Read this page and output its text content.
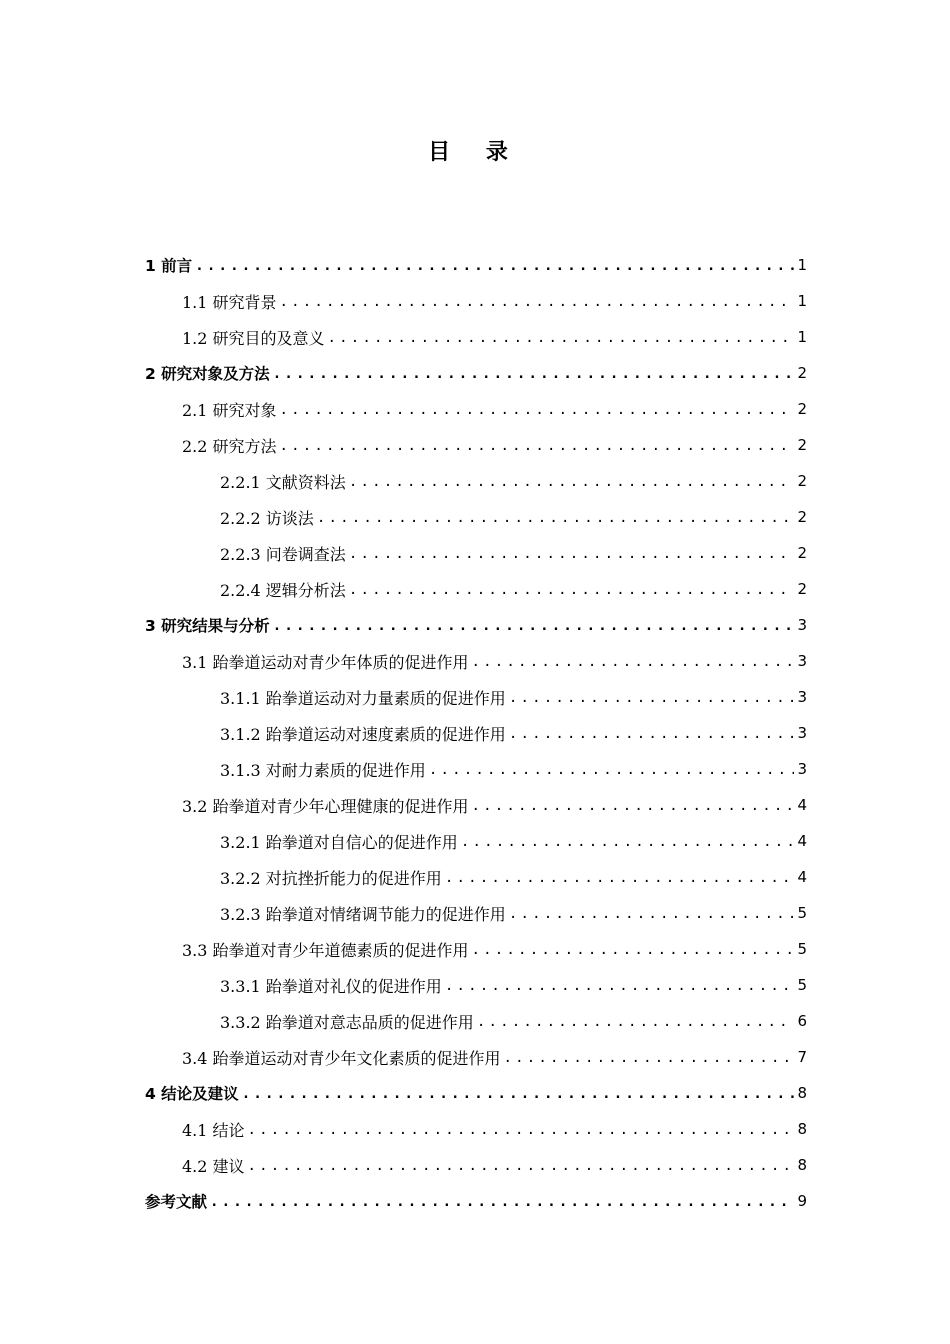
目 录
1 前言 .....	1
1.1 研究背景 .....	1
1.2 研究目的及意义 .....	1
2 研究对象及方法 .....	2
2.1 研究对象 .....	2
2.2 研究方法 .....	2
2.2.1 文献资料法 .....	2
2.2.2 访谈法 .....	2
2.2.3 问卷调查法 .....	2
2.2.4 逻辑分析法 .....	2
3 研究结果与分析 .....	3
3.1 跆拳道运动对青少年体质的促进作用 .....	3
3.1.1 跆拳道运动对力量素质的促进作用 .....	3
3.1.2 跆拳道运动对速度素质的促进作用 .....	3
3.1.3 对耐力素质的促进作用 .....	3
3.2 跆拳道对青少年心理健康的促进作用 .....	4
3.2.1 跆拳道对自信心的促进作用 .....	4
3.2.2 对抗挫折能力的促进作用 .....	4
3.2.3 跆拳道对情绪调节能力的促进作用 .....	5
3.3 跆拳道对青少年道德素质的促进作用 .....	5
3.3.1 跆拳道对礼仪的促进作用 .....	5
3.3.2 跆拳道对意志品质的促进作用 .....	6
3.4 跆拳道运动对青少年文化素质的促进作用 .....	7
4 结论及建议 .....	8
4.1 结论 .....	8
4.2 建议 .....	8
参考文献 .....	9
